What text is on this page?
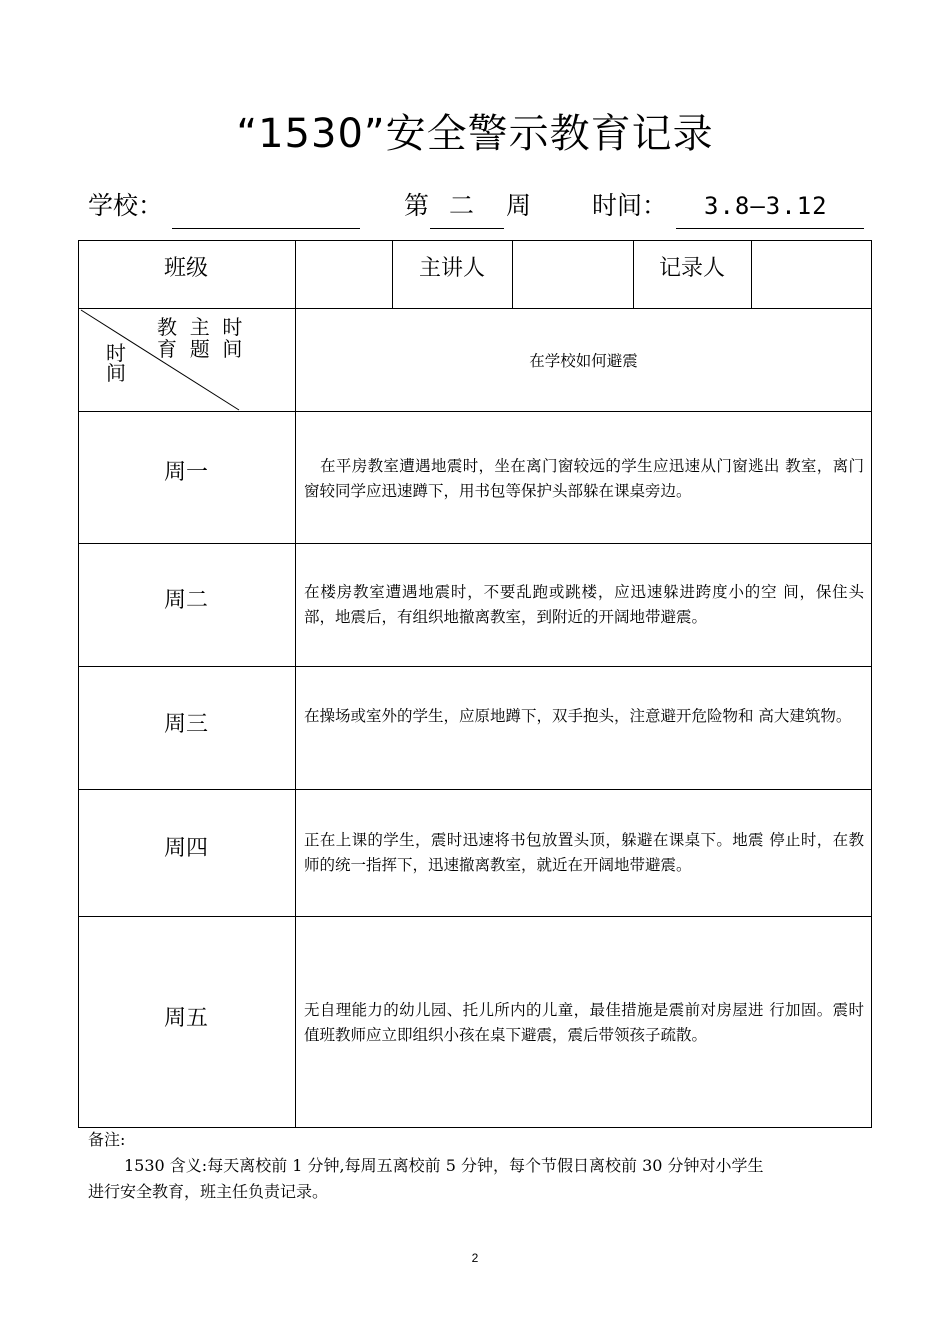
“1530”安全警示教育记录
学校：	第 二 周 时间： 3.8—3.12
班级	主讲人	记录人
教  主  时
育  题  间
时
间	在学校如何避震
周一	在平房教室遭遇地震时，坐在离门窗较远的学生应迅速从门窗逃出 教室，离门窗较同学应迅速蹲下，用书包等保护头部躲在课桌旁边。
周二	在楼房教室遭遇地震时，不要乱跑或跳楼，应迅速躲进跨度小的空 间，保住头部，地震后，有组织地撤离教室，到附近的开阔地带避震。
周三	在操场或室外的学生，应原地蹲下，双手抱头，注意避开危险物和 高大建筑物。
周四	正在上课的学生，震时迅速将书包放置头顶，躲避在课桌下。地震 停止时，在教师的统一指挥下，迅速撤离教室，就近在开阔地带避震。
周五	无自理能力的幼儿园、托儿所内的儿童，最佳措施是震前对房屋进 行加固。震时值班教师应立即组织小孩在桌下避震，震后带领孩子疏散。
备注:
1530 含义:每天离校前 1 分钟,每周五离校前 5 分钟，每个节假日离校前 30 分钟对小学生
进行安全教育，班主任负责记录。
2
